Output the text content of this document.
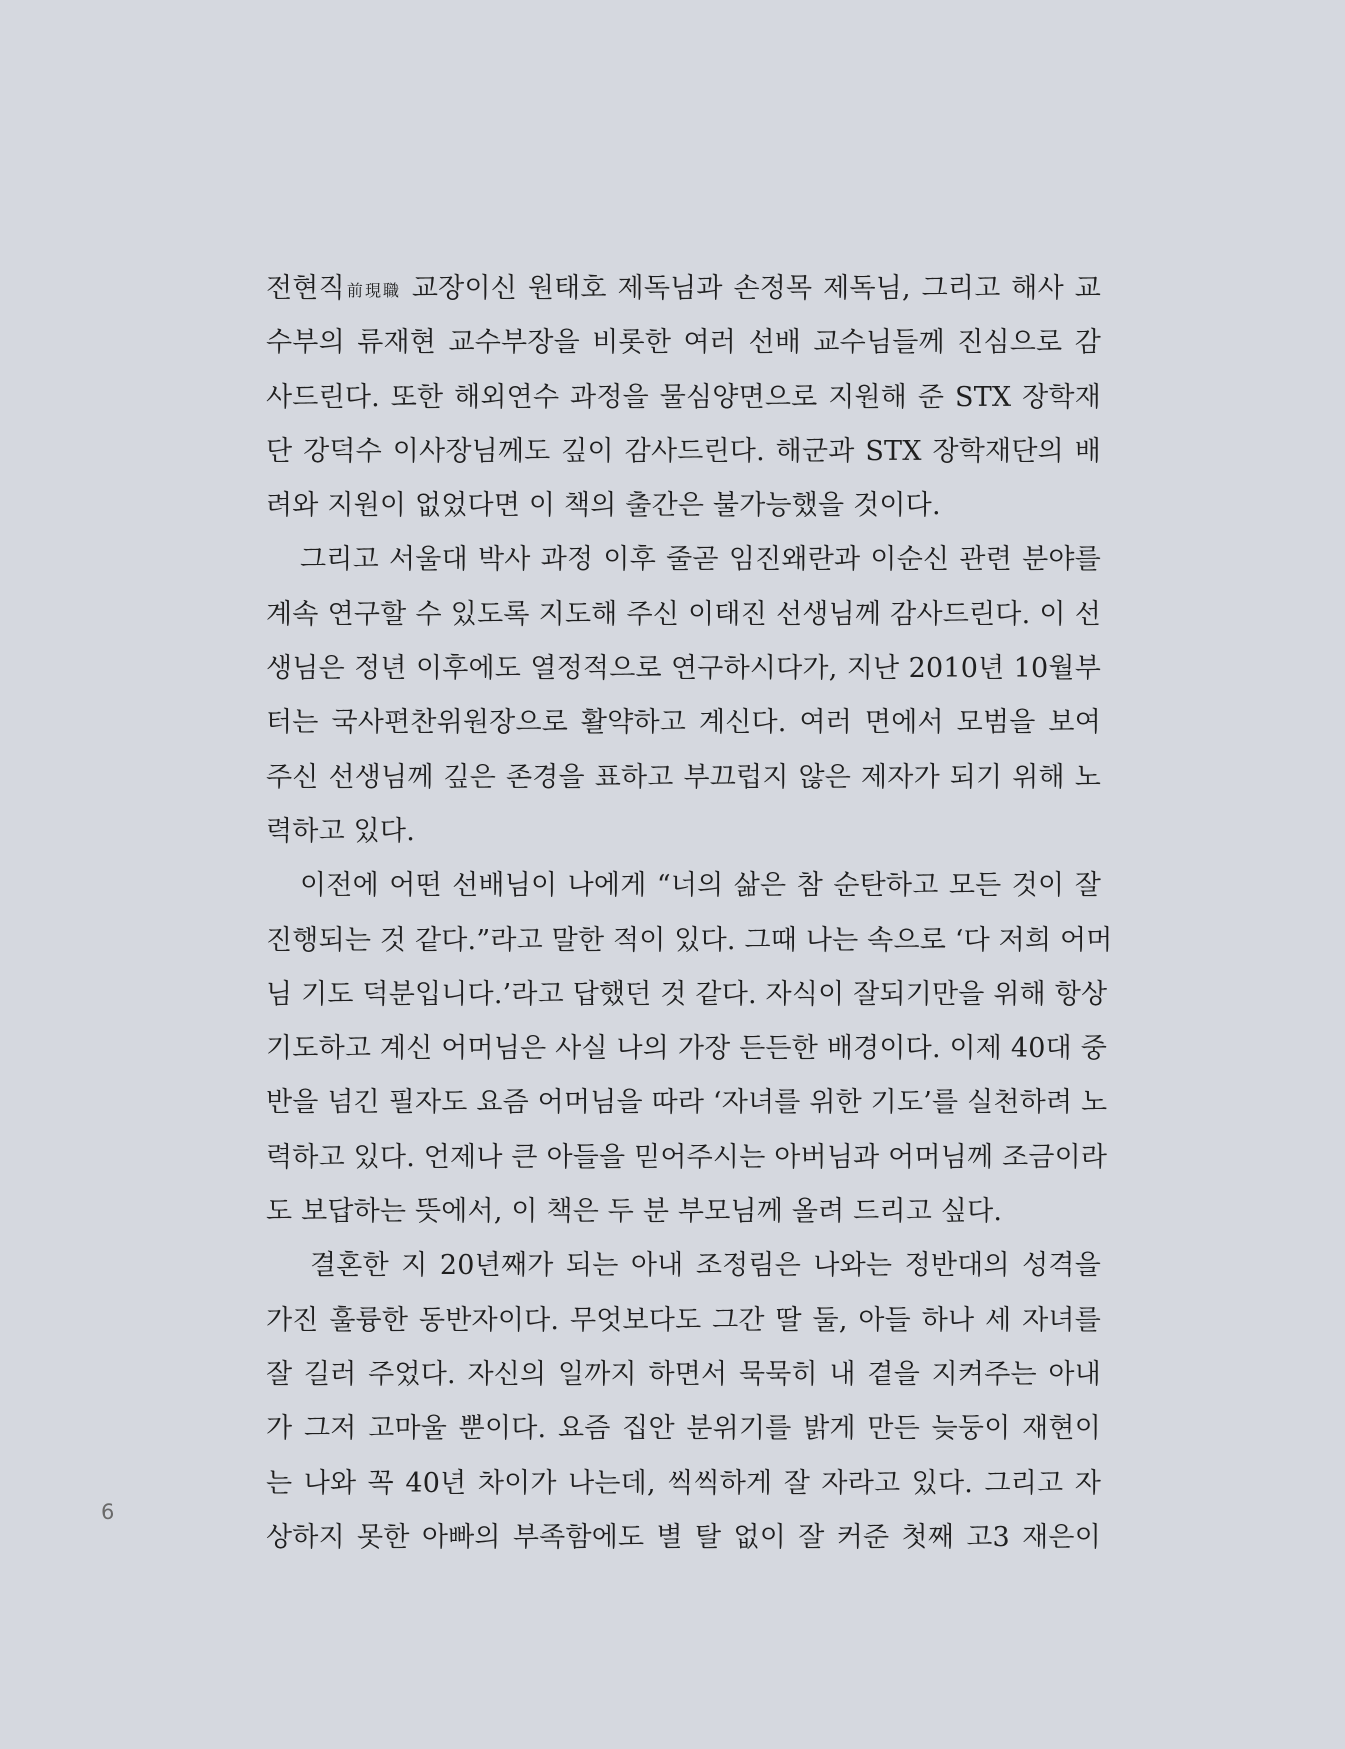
전현직前現職 교장이신 원태호 제독님과 손정목 제독님, 그리고 해사 교
수부의 류재현 교수부장을 비롯한 여러 선배 교수님들께 진심으로 감
사드린다. 또한 해외연수 과정을 물심양면으로 지원해 준 STX 장학재
단 강덕수 이사장님께도 깊이 감사드린다. 해군과 STX 장학재단의 배
려와 지원이 없었다면 이 책의 출간은 불가능했을 것이다.
그리고 서울대 박사 과정 이후 줄곧 임진왜란과 이순신 관련 분야를
계속 연구할 수 있도록 지도해 주신 이태진 선생님께 감사드린다. 이 선
생님은 정년 이후에도 열정적으로 연구하시다가, 지난 2010년 10월부
터는 국사편찬위원장으로 활약하고 계신다. 여러 면에서 모범을 보여
주신 선생님께 깊은 존경을 표하고 부끄럽지 않은 제자가 되기 위해 노
력하고 있다.
이전에 어떤 선배님이 나에게 “너의 삶은 참 순탄하고 모든 것이 잘
진행되는 것 같다.”라고 말한 적이 있다. 그때 나는 속으로 ‘다 저희 어머
님 기도 덕분입니다.’라고 답했던 것 같다. 자식이 잘되기만을 위해 항상
기도하고 계신 어머님은 사실 나의 가장 든든한 배경이다. 이제 40대 중
반을 넘긴 필자도 요즘 어머님을 따라 ‘자녀를 위한 기도’를 실천하려 노
력하고 있다. 언제나 큰 아들을 믿어주시는 아버님과 어머님께 조금이라
도 보답하는 뜻에서, 이 책은 두 분 부모님께 올려 드리고 싶다.
결혼한 지 20년째가 되는 아내 조정림은 나와는 정반대의 성격을
가진 훌륭한 동반자이다. 무엇보다도 그간 딸 둘, 아들 하나 세 자녀를
잘 길러 주었다. 자신의 일까지 하면서 묵묵히 내 곁을 지켜주는 아내
가 그저 고마울 뿐이다. 요즘 집안 분위기를 밝게 만든 늦둥이 재현이
는 나와 꼭 40년 차이가 나는데, 씩씩하게 잘 자라고 있다. 그리고 자
상하지 못한 아빠의 부족함에도 별 탈 없이 잘 커준 첫째 고3 재은이
6
